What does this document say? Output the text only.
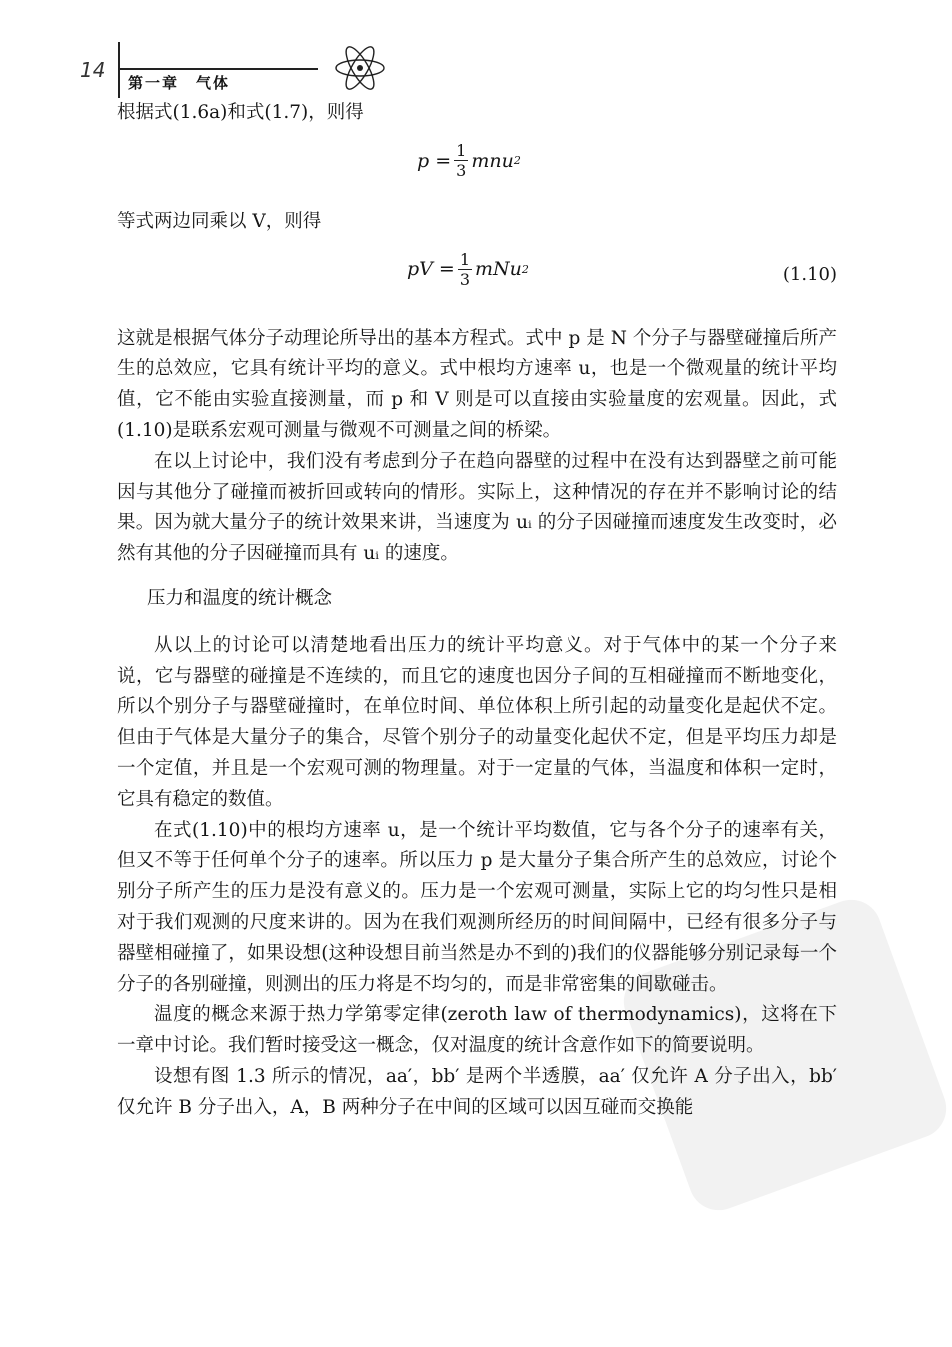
14
第一章　气体

根据式(1.6a)和式(1.7)，则得

$p = \frac{1}{3}$ mnu 2

等式两边同乘以 V，则得

pV = $\frac{1}{3}$ mNu 2	(1.10)

这就是根据气体分子动理论所导出的基本方程式。式中 p 是 N 个分子与器壁碰撞后所产生的总效应，它具有统计平均的意义。式中根均方速率 u，也是一个微观量的统计平均值，它不能由实验直接测量，而 p 和 V 则是可以直接由实验量度的宏观量。因此，式(1.10)是联系宏观可测量与微观不可测量之间的桥梁。

在以上讨论中，我们没有考虑到分子在趋向器壁的过程中在没有达到器壁之前可能因与其他分了碰撞而被折回或转向的情形。实际上，这种情况的存在并不影响讨论的结果。因为就大量分子的统计效果来讲，当速度为 uᵢ 的分子因碰撞而速度发生改变时，必然有其他的分子因碰撞而具有 uᵢ 的速度。

压力和温度的统计概念

从以上的讨论可以清楚地看出压力的统计平均意义。对于气体中的某一个分子来说，它与器壁的碰撞是不连续的，而且它的速度也因分子间的互相碰撞而不断地变化，所以个别分子与器壁碰撞时，在单位时间、单位体积上所引起的动量变化是起伏不定。但由于气体是大量分子的集合，尽管个别分子的动量变化起伏不定，但是平均压力却是一个定值，并且是一个宏观可测的物理量。对于一定量的气体，当温度和体积一定时，它具有稳定的数值。

在式(1.10)中的根均方速率 u，是一个统计平均数值，它与各个分子的速率有关，但又不等于任何单个分子的速率。所以压力 p 是大量分子集合所产生的总效应，讨论个别分子所产生的压力是没有意义的。压力是一个宏观可测量，实际上它的均匀性只是相对于我们观测的尺度来讲的。因为在我们观测所经历的时间间隔中，已经有很多分子与器壁相碰撞了，如果设想(这种设想目前当然是办不到的)我们的仪器能够分别记录每一个分子的各别碰撞，则测出的压力将是不均匀的，而是非常密集的间歇碰击。

温度的概念来源于热力学第零定律(zeroth law of thermodynamics)，这将在下一章中讨论。我们暂时接受这一概念，仅对温度的统计含意作如下的简要说明。

设想有图 1.3 所示的情况，aa′，bb′ 是两个半透膜，aa′ 仅允许 A 分子出入，bb′ 仅允许 B 分子出入，A，B 两种分子在中间的区域可以因互碰而交换能
